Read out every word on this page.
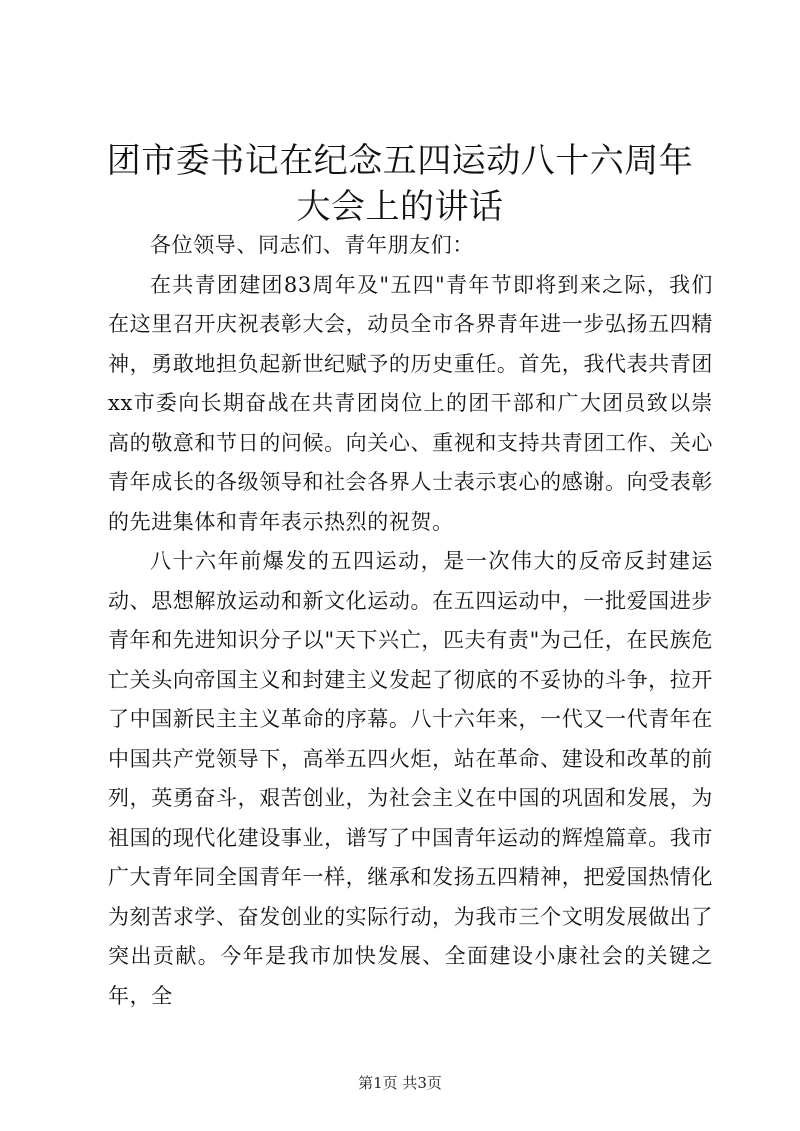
团市委书记在纪念五四运动八十六周年大会上的讲话

各位领导、同志们、青年朋友们：

在共青团建团83周年及"五四"青年节即将到来之际，我们在这里召开庆祝表彰大会，动员全市各界青年进一步弘扬五四精神，勇敢地担负起新世纪赋予的历史重任。首先，我代表共青团xx市委向长期奋战在共青团岗位上的团干部和广大团员致以崇高的敬意和节日的问候。向关心、重视和支持共青团工作、关心青年成长的各级领导和社会各界人士表示衷心的感谢。向受表彰的先进集体和青年表示热烈的祝贺。

八十六年前爆发的五四运动，是一次伟大的反帝反封建运动、思想解放运动和新文化运动。在五四运动中，一批爱国进步青年和先进知识分子以"天下兴亡，匹夫有责"为己任，在民族危亡关头向帝国主义和封建主义发起了彻底的不妥协的斗争，拉开了中国新民主主义革命的序幕。八十六年来，一代又一代青年在中国共产党领导下，高举五四火炬，站在革命、建设和改革的前列，英勇奋斗，艰苦创业，为社会主义在中国的巩固和发展，为祖国的现代化建设事业，谱写了中国青年运动的辉煌篇章。我市广大青年同全国青年一样，继承和发扬五四精神，把爱国热情化为刻苦求学、奋发创业的实际行动，为我市三个文明发展做出了突出贡献。今年是我市加快发展、全面建设小康社会的关键之年，全

第1页 共3页
